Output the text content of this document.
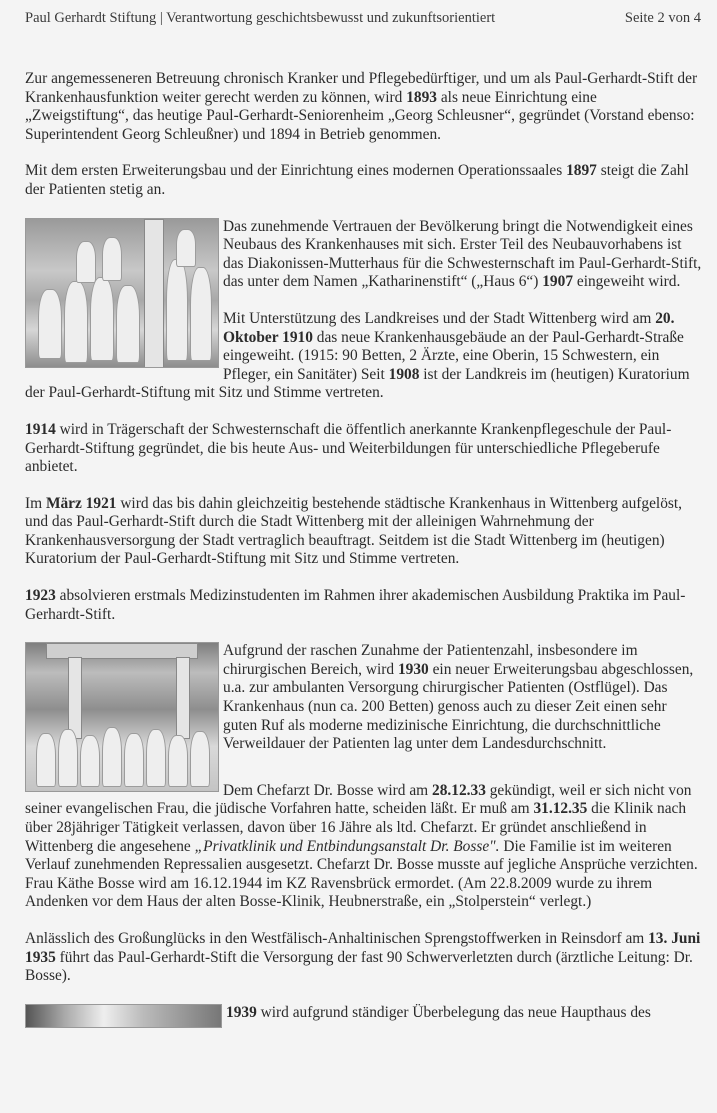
Paul Gerhardt Stiftung | Verantwortung geschichtsbewusst und zukunftsorientiert	Seite 2 von 4

Zur angemesseneren Betreuung chronisch Kranker und Pflegebedürftiger, und um als Paul-Gerhardt-Stift der Krankenhausfunktion weiter gerecht werden zu können, wird 1893 als neue Einrichtung eine „Zweigstiftung“, das heutige Paul-Gerhardt-Seniorenheim „Georg Schleusner“, gegründet (Vorstand ebenso: Superintendent Georg Schleußner) und 1894 in Betrieb genommen.

Mit dem ersten Erweiterungsbau und der Einrichtung eines modernen Operationssaales 1897 steigt die Zahl der Patienten stetig an.

Das zunehmende Vertrauen der Bevölkerung bringt die Notwendigkeit eines Neubaus des Krankenhauses mit sich. Erster Teil des Neubauvorhabens ist das Diakonissen-Mutterhaus für die Schwesternschaft im Paul-Gerhardt-Stift, das unter dem Namen „Katharinenstift“ („Haus 6“) 1907 eingeweiht wird.

Mit Unterstützung des Landkreises und der Stadt Wittenberg wird am 20. Oktober 1910 das neue Krankenhausgebäude an der Paul-Gerhardt-Straße eingeweiht. (1915: 90 Betten, 2 Ärzte, eine Oberin, 15 Schwestern, ein Pfleger, ein Sanitäter) Seit 1908 ist der Landkreis im (heutigen) Kuratorium der Paul-Gerhardt-Stiftung mit Sitz und Stimme vertreten.

1914 wird in Trägerschaft der Schwesternschaft die öffentlich anerkannte Krankenpflegeschule der Paul-Gerhardt-Stiftung gegründet, die bis heute Aus- und Weiterbildungen für unterschiedliche Pflegeberufe anbietet.

Im März 1921 wird das bis dahin gleichzeitig bestehende städtische Krankenhaus in Wittenberg aufgelöst, und das Paul-Gerhardt-Stift durch die Stadt Wittenberg mit der alleinigen Wahrnehmung der Krankenhausversorgung der Stadt vertraglich beauftragt. Seitdem ist die Stadt Wittenberg im (heutigen) Kuratorium der Paul-Gerhardt-Stiftung mit Sitz und Stimme vertreten.

1923 absolvieren erstmals Medizinstudenten im Rahmen ihrer akademischen Ausbildung Praktika im Paul-Gerhardt-Stift.

Aufgrund der raschen Zunahme der Patientenzahl, insbesondere im chirurgischen Bereich, wird 1930 ein neuer Erweiterungsbau abgeschlossen, u.a. zur ambulanten Versorgung chirurgischer Patienten (Ostflügel). Das Krankenhaus (nun ca. 200 Betten) genoss auch zu dieser Zeit einen sehr guten Ruf als moderne medizinische Einrichtung, die durchschnittliche Verweildauer der Patienten lag unter dem Landesdurchschnitt.

Dem Chefarzt Dr. Bosse wird am 28.12.33 gekündigt, weil er sich nicht von seiner evangelischen Frau, die jüdische Vorfahren hatte, scheiden läßt. Er muß am 31.12.35 die Klinik nach über 28jähriger Tätigkeit verlassen, davon über 16 Jähre als ltd. Chefarzt. Er gründet anschließend in Wittenberg die angesehene „Privatklinik und Entbindungsanstalt Dr. Bosse". Die Familie ist im weiteren Verlauf zunehmenden Repressalien ausgesetzt. Chefarzt Dr. Bosse musste auf jegliche Ansprüche verzichten. Frau Käthe Bosse wird am 16.12.1944 im KZ Ravensbrück ermordet. (Am 22.8.2009 wurde zu ihrem Andenken vor dem Haus der alten Bosse-Klinik, Heubnerstraße, ein „Stolperstein“ verlegt.)

Anlässlich des Großunglücks in den Westfälisch-Anhaltinischen Sprengstoffwerken in Reinsdorf am 13. Juni 1935 führt das Paul-Gerhardt-Stift die Versorgung der fast 90 Schwerverletzten durch (ärztliche Leitung: Dr. Bosse).

1939 wird aufgrund ständiger Überbelegung das neue Haupthaus des
